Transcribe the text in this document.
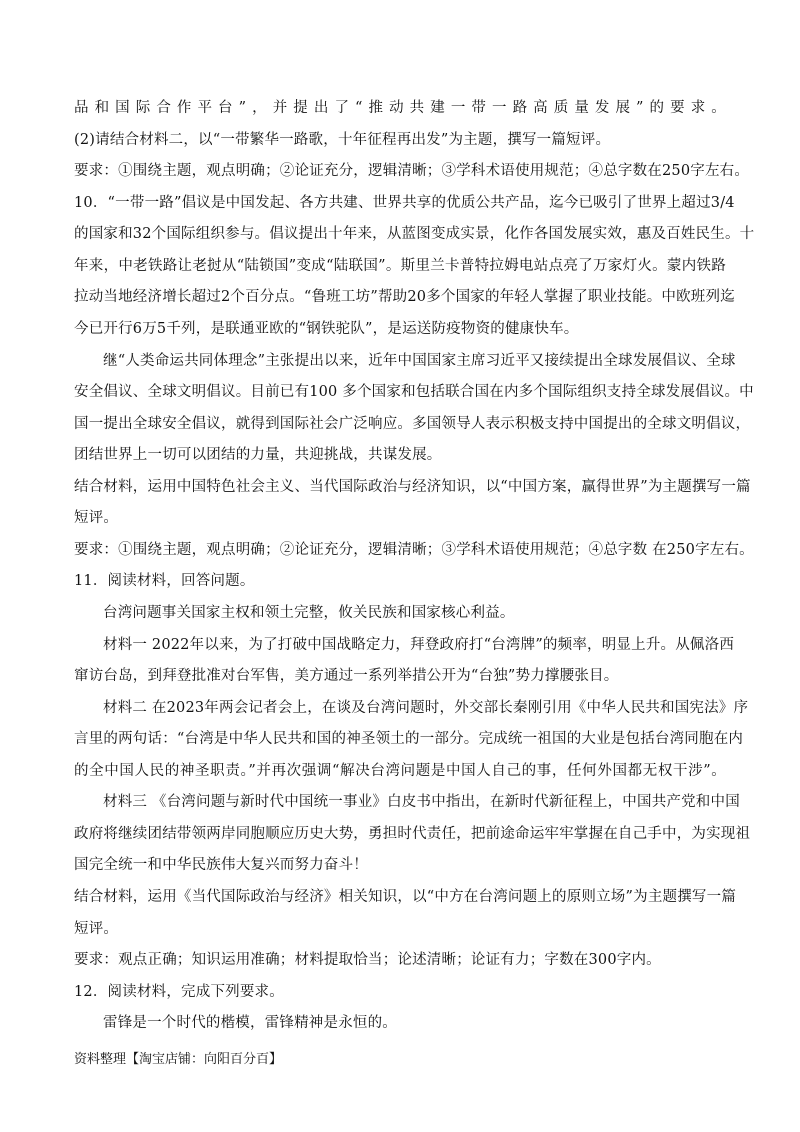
品和国际合作平台”，并提出了“推动共建一带一路高质量发展”的要求。
(2)请结合材料二，以“一带繁华一路歌，十年征程再出发”为主题，撰写一篇短评。
要求：①围绕主题，观点明确；②论证充分，逻辑清晰；③学科术语使用规范；④总字数在250字左右。
10．“一带一路”倡议是中国发起、各方共建、世界共享的优质公共产品，迄今已吸引了世界上超过3/4
的国家和32个国际组织参与。倡议提出十年来，从蓝图变成实景，化作各国发展实效，惠及百姓民生。十
年来，中老铁路让老挝从“陆锁国”变成“陆联国”。斯里兰卡普特拉姆电站点亮了万家灯火。蒙内铁路
拉动当地经济增长超过2个百分点。“鲁班工坊”帮助20多个国家的年轻人掌握了职业技能。中欧班列迄
今已开行6万5千列，是联通亚欧的“钢铁驼队”，是运送防疫物资的健康快车。
继“人类命运共同体理念”主张提出以来，近年中国国家主席习近平又接续提出全球发展倡议、全球
安全倡议、全球文明倡议。目前已有100 多个国家和包括联合国在内多个国际组织支持全球发展倡议。中
国一提出全球安全倡议，就得到国际社会广泛响应。多国领导人表示积极支持中国提出的全球文明倡议，
团结世界上一切可以团结的力量，共迎挑战，共谋发展。
结合材料，运用中国特色社会主义、当代国际政治与经济知识，以“中国方案，赢得世界”为主题撰写一篇
短评。
要求：①围绕主题，观点明确；②论证充分，逻辑清晰；③学科术语使用规范；④总字数 在250字左右。
11．阅读材料，回答问题。
台湾问题事关国家主权和领土完整，攸关民族和国家核心利益。
材料一 2022年以来，为了打破中国战略定力，拜登政府打“台湾牌”的频率，明显上升。从佩洛西
窜访台岛，到拜登批准对台军售，美方通过一系列举措公开为“台独”势力撑腰张目。
材料二 在2023年两会记者会上，在谈及台湾问题时，外交部长秦刚引用《中华人民共和国宪法》序
言里的两句话：“台湾是中华人民共和国的神圣领土的一部分。完成统一祖国的大业是包括台湾同胞在内
的全中国人民的神圣职责。”并再次强调“解决台湾问题是中国人自己的事，任何外国都无权干涉”。
材料三 《台湾问题与新时代中国统一事业》白皮书中指出，在新时代新征程上，中国共产党和中国
政府将继续团结带领两岸同胞顺应历史大势，勇担时代责任，把前途命运牢牢掌握在自己手中，为实现祖
国完全统一和中华民族伟大复兴而努力奋斗！
结合材料，运用《当代国际政治与经济》相关知识，以“中方在台湾问题上的原则立场”为主题撰写一篇
短评。
要求：观点正确；知识运用准确；材料提取恰当；论述清晰；论证有力；字数在300字内。
12．阅读材料，完成下列要求。
雷锋是一个时代的楷模，雷锋精神是永恒的。
资料整理【淘宝店铺：向阳百分百】
